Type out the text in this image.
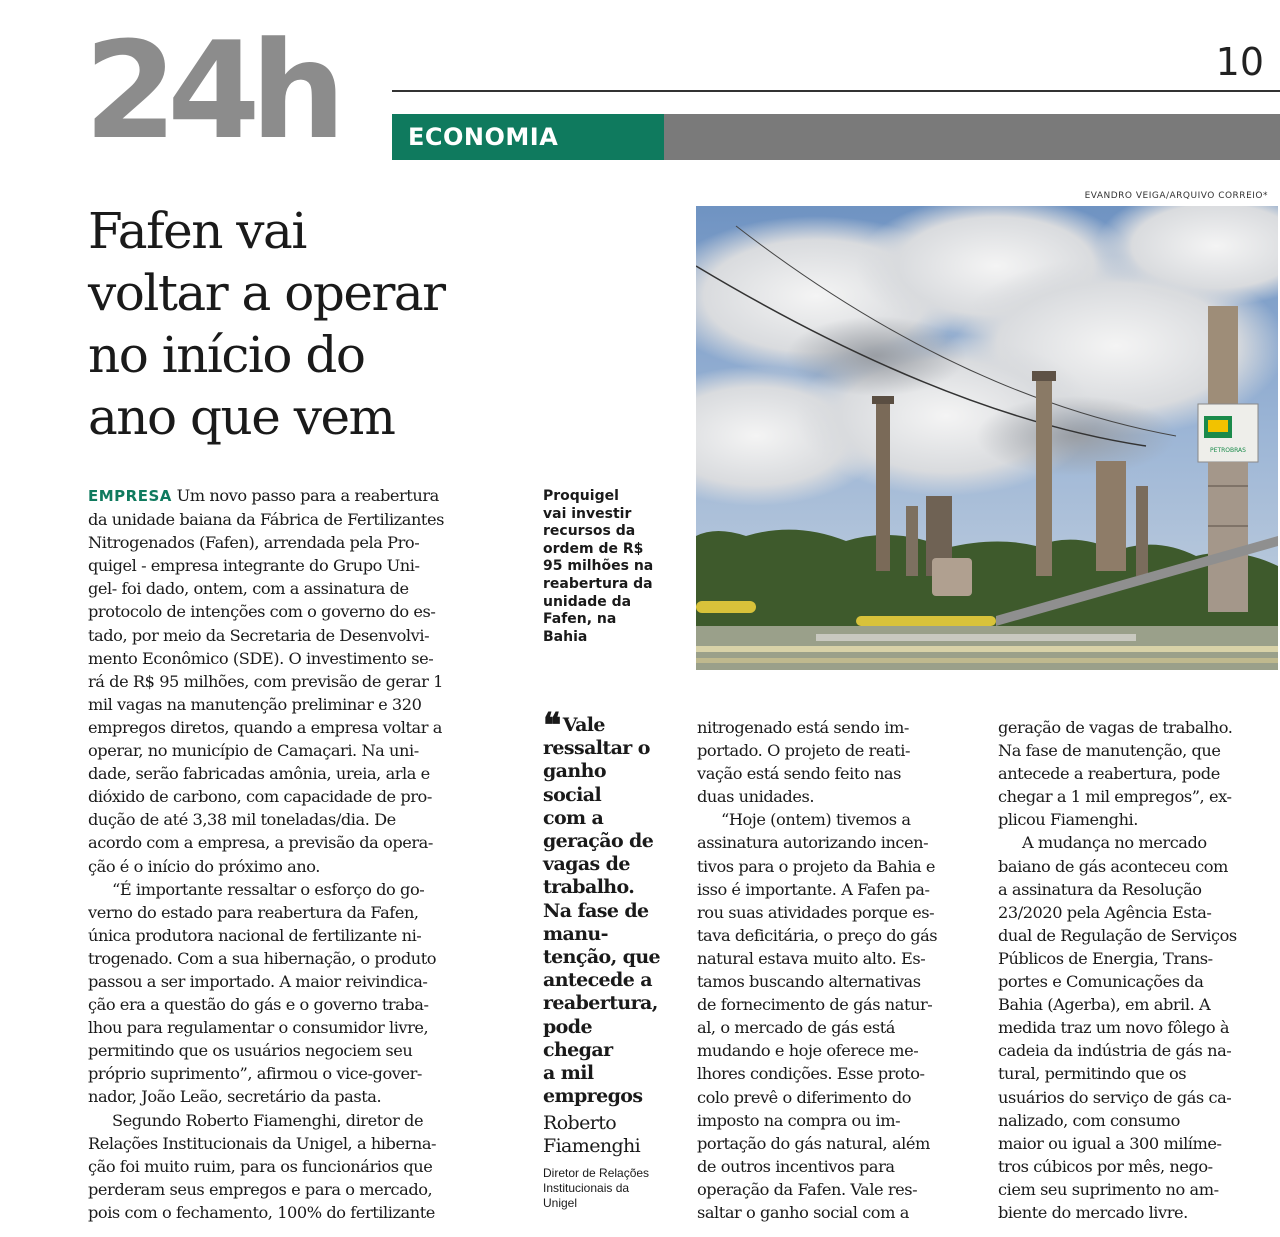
24h	10
ECONOMIA
Fafen vai
voltar a operar
no início do
ano que vem
EVANDRO VEIGA/ARQUIVO CORREIO*
PETROBRAS
Proquigel
vai investir
recursos da
ordem de R$
95 milhões na
reabertura da
unidade da
Fafen, na
Bahia
❝ Vale
ressaltar o
ganho
social
com a
geração de
vagas de
trabalho.
Na fase de
manu-
tenção, que
antecede a
reabertura,
pode
chegar
a mil
empregos
Roberto
Fiamenghi
Diretor de Relações
Institucionais da
Unigel
EMPRESA Um novo passo para a reabertura
da unidade baiana da Fábrica de Fertilizantes
Nitrogenados (Fafen), arrendada pela Pro-
quigel - empresa integrante do Grupo Uni-
gel- foi dado, ontem, com a assinatura de
protocolo de intenções com o governo do es-
tado, por meio da Secretaria de Desenvolvi-
mento Econômico (SDE). O investimento se-
rá de R$ 95 milhões, com previsão de gerar 1
mil vagas na manutenção preliminar e 320
empregos diretos, quando a empresa voltar a
operar, no município de Camaçari. Na uni-
dade, serão fabricadas amônia, ureia, arla e
dióxido de carbono, com capacidade de pro-
dução de até 3,38 mil toneladas/dia. De
acordo com a empresa, a previsão da opera-
ção é o início do próximo ano.
“É importante ressaltar o esforço do go-
verno do estado para reabertura da Fafen,
única produtora nacional de fertilizante ni-
trogenado. Com a sua hibernação, o produto
passou a ser importado. A maior reivindica-
ção era a questão do gás e o governo traba-
lhou para regulamentar o consumidor livre,
permitindo que os usuários negociem seu
próprio suprimento”, afirmou o vice-gover-
nador, João Leão, secretário da pasta.
Segundo Roberto Fiamenghi, diretor de
Relações Institucionais da Unigel, a hiberna-
ção foi muito ruim, para os funcionários que
perderam seus empregos e para o mercado,
pois com o fechamento, 100% do fertilizante
nitrogenado está sendo im-
portado. O projeto de reati-
vação está sendo feito nas
duas unidades.
“Hoje (ontem) tivemos a
assinatura autorizando incen-
tivos para o projeto da Bahia e
isso é importante. A Fafen pa-
rou suas atividades porque es-
tava deficitária, o preço do gás
natural estava muito alto. Es-
tamos buscando alternativas
de fornecimento de gás natur-
al, o mercado de gás está
mudando e hoje oferece me-
lhores condições. Esse proto-
colo prevê o diferimento do
imposto na compra ou im-
portação do gás natural, além
de outros incentivos para
operação da Fafen. Vale res-
saltar o ganho social com a
geração de vagas de trabalho.
Na fase de manutenção, que
antecede a reabertura, pode
chegar a 1 mil empregos”, ex-
plicou Fiamenghi.
A mudança no mercado
baiano de gás aconteceu com
a assinatura da Resolução
23/2020 pela Agência Esta-
dual de Regulação de Serviços
Públicos de Energia, Trans-
portes e Comunicações da
Bahia (Agerba), em abril. A
medida traz um novo fôlego à
cadeia da indústria de gás na-
tural, permitindo que os
usuários do serviço de gás ca-
nalizado, com consumo
maior ou igual a 300 milíme-
tros cúbicos por mês, nego-
ciem seu suprimento no am-
biente do mercado livre.
